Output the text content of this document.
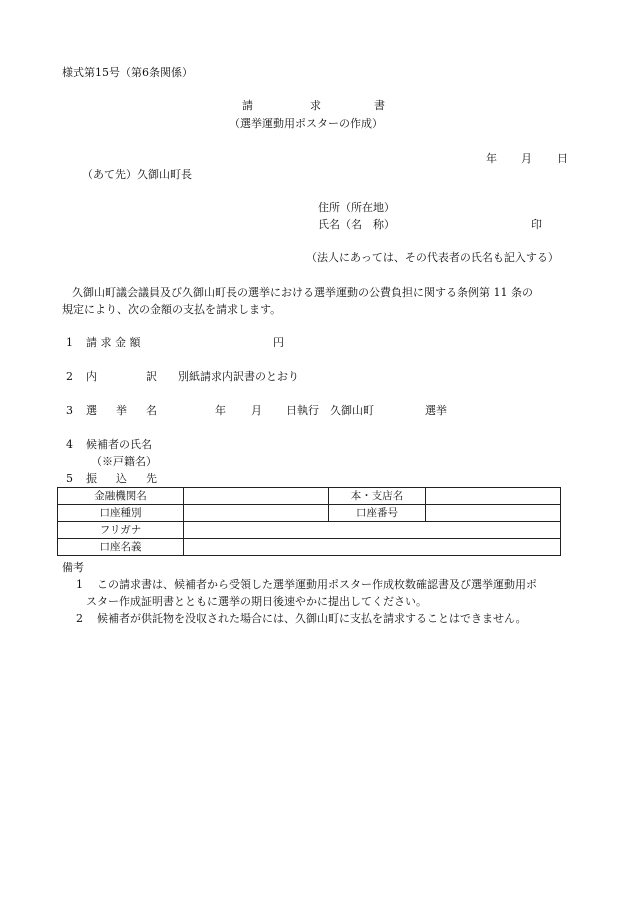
様式第15号（第6条関係）
請	求	書
（選挙運動用ポスターの作成）
年 月 日
（あて先）久御山町長
住所（所在地）
氏名（名　称）	印
（法人にあっては、その代表者の氏名も記入する）
久御山町議会議員及び久御山町長の選挙における選挙運動の公費負担に関する条例第 11 条の
規定により、次の金額の支払を請求します。
1 請 求 金 額	円
2 内	訳 別紙請求内訳書のとおり
3 選 挙 名	年 月 日執行 久御山町	選挙
4 候補者の氏名
（※戸籍名）
5 振 込 先
金融機関名		本・支店名	
口座種別		口座番号	
フリガナ			
口座名義			
備考
1 この請求書は、候補者から受領した選挙運動用ポスター作成枚数確認書及び選挙運動用ポ
スター作成証明書とともに選挙の期日後速やかに提出してください。
2 候補者が供託物を没収された場合には、久御山町に支払を請求することはできません。
